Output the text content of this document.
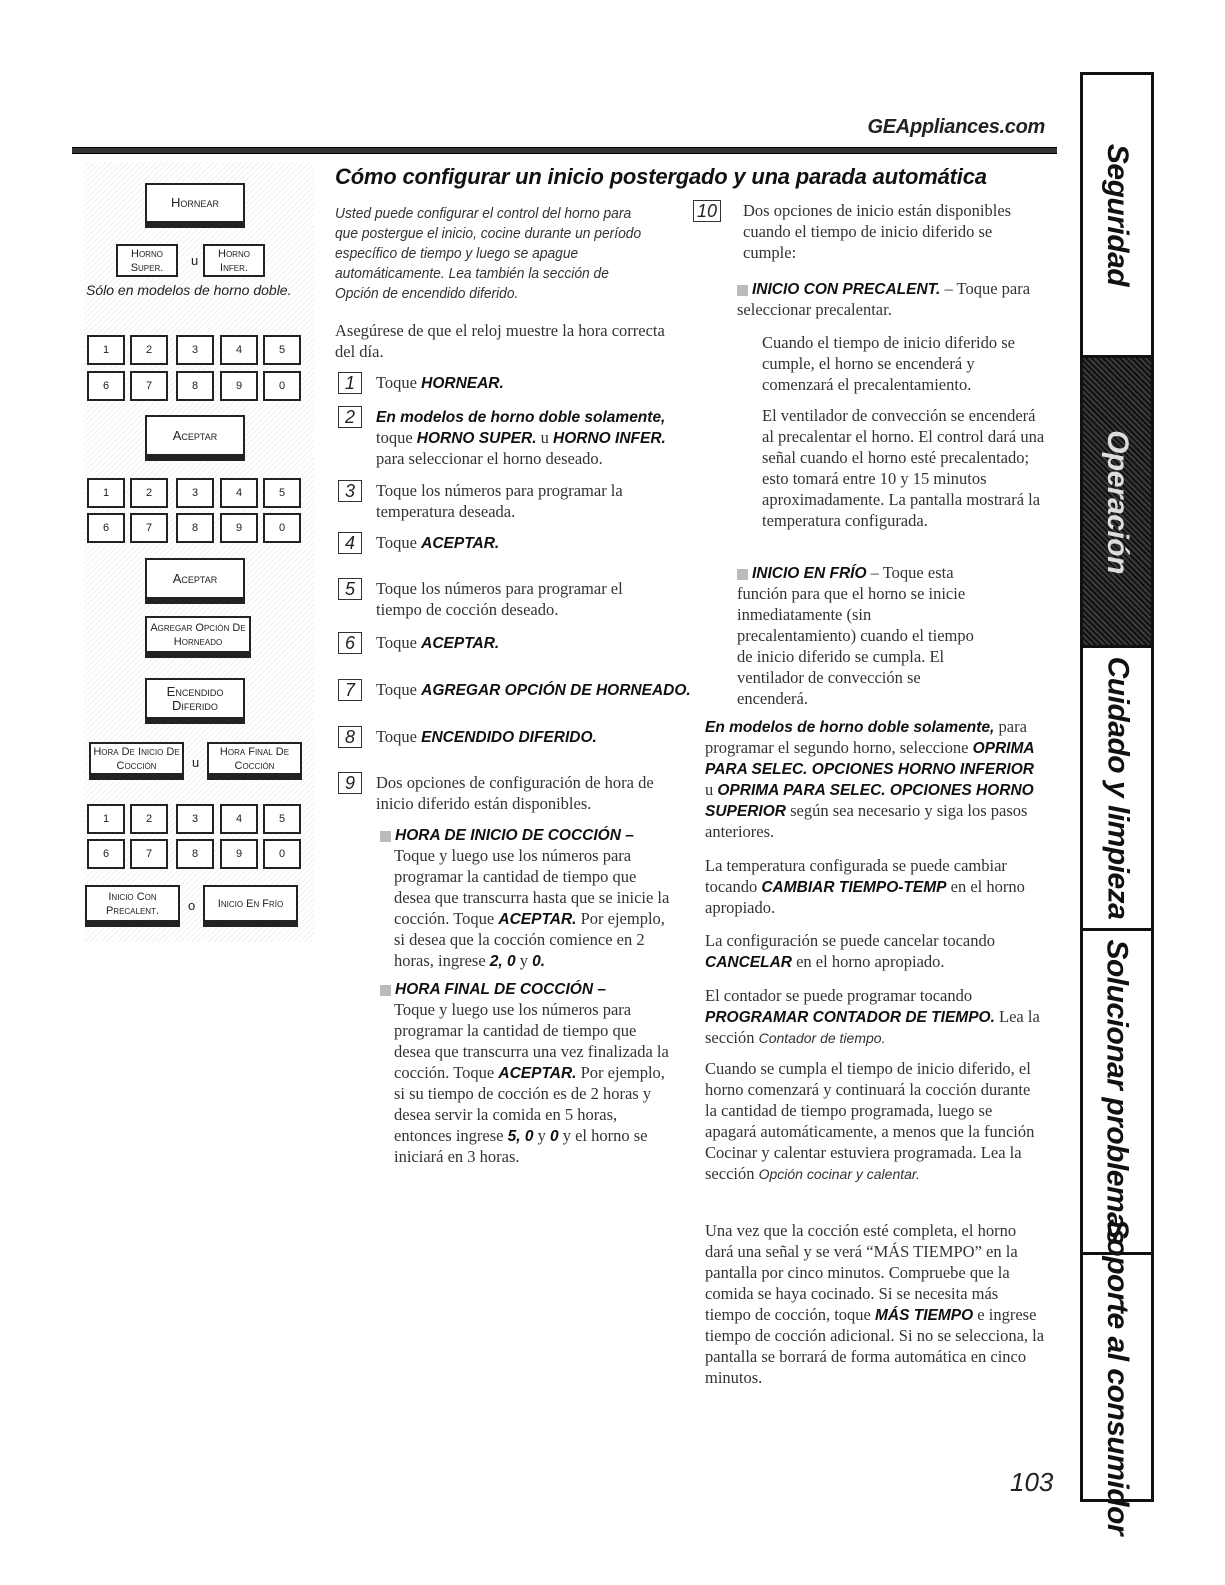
GEAppliances.com
Seguridad
Operación
Cuidado y limpieza
Solucionar problemas
Soporte al consumidor
Hornear
Horno Super.	u	Horno Infer.
Sólo en modelos de horno doble.
1	2	3	4	5
6	7	8	9	0
Aceptar
1	2	3	4	5
6	7	8	9	0
Aceptar
Agregar Opción De Horneado
Encendido Diferido
Hora De Inicio De Cocción	u
Hora Final De Cocción
1	2	3	4	5
6	7	8	9	0
Inicio Con Precalent.	o	Inicio En Frío
Cómo configurar un inicio postergado y una parada automática
Usted puede configurar el control del horno para que postergue el inicio, cocine durante un período específico de tiempo y luego se apague automáticamente. Lea también la sección de Opción de encendido diferido.
Asegúrese de que el reloj muestre la hora correcta del día.
1	Toque HORNEAR.
2	En modelos de horno doble solamente, toque HORNO SUPER. u HORNO INFER. para seleccionar el horno deseado.
3	Toque los números para programar la temperatura deseada.
4	Toque ACEPTAR.
5	Toque los números para programar el tiempo de cocción deseado.
6	Toque ACEPTAR.
7	Toque AGREGAR OPCIÓN DE HORNEADO.
8	Toque ENCENDIDO DIFERIDO.
9	Dos opciones de configuración de hora de inicio diferido están disponibles.
HORA DE INICIO DE COCCIÓN –
Toque y luego use los números para programar la cantidad de tiempo que desea que transcurra hasta que se inicie la cocción. Toque ACEPTAR. Por ejemplo, si desea que la cocción comience en 2 horas, ingrese 2, 0 y 0.
HORA FINAL DE COCCIÓN –
Toque y luego use los números para programar la cantidad de tiempo que desea que transcurra una vez finalizada la cocción. Toque ACEPTAR. Por ejemplo, si su tiempo de cocción es de 2 horas y desea servir la comida en 5 horas, entonces ingrese 5, 0 y 0 y el horno se iniciará en 3 horas.
10 Dos opciones de inicio están disponibles cuando el tiempo de inicio diferido se cumple:
INICIO CON PRECALENT. – Toque para seleccionar precalentar.
Cuando el tiempo de inicio diferido se cumple, el horno se encenderá y comenzará el precalentamiento.
El ventilador de convección se encenderá al precalentar el horno. El control dará una señal cuando el horno esté precalentado; esto tomará entre 10 y 15 minutos aproximadamente. La pantalla mostrará la temperatura configurada.
INICIO EN FRÍO – Toque esta función para que el horno se inicie inmediatamente (sin precalentamiento) cuando el tiempo de inicio diferido se cumpla. El ventilador de convección se encenderá.
En modelos de horno doble solamente, para programar el segundo horno, seleccione OPRIMA PARA SELEC. OPCIONES HORNO INFERIOR u OPRIMA PARA SELEC. OPCIONES HORNO SUPERIOR según sea necesario y siga los pasos anteriores.
La temperatura configurada se puede cambiar tocando CAMBIAR TIEMPO-TEMP en el horno apropiado.
La configuración se puede cancelar tocando CANCELAR en el horno apropiado.
El contador se puede programar tocando PROGRAMAR CONTADOR DE TIEMPO. Lea la sección Contador de tiempo.
Cuando se cumpla el tiempo de inicio diferido, el horno comenzará y continuará la cocción durante la cantidad de tiempo programada, luego se apagará automáticamente, a menos que la función Cocinar y calentar estuviera programada. Lea la sección Opción cocinar y calentar.
Una vez que la cocción esté completa, el horno dará una señal y se verá “MÁS TIEMPO” en la pantalla por cinco minutos. Compruebe que la comida se haya cocinado. Si se necesita más tiempo de cocción, toque MÁS TIEMPO e ingrese tiempo de cocción adicional. Si no se selecciona, la pantalla se borrará de forma automática en cinco minutos.
103
